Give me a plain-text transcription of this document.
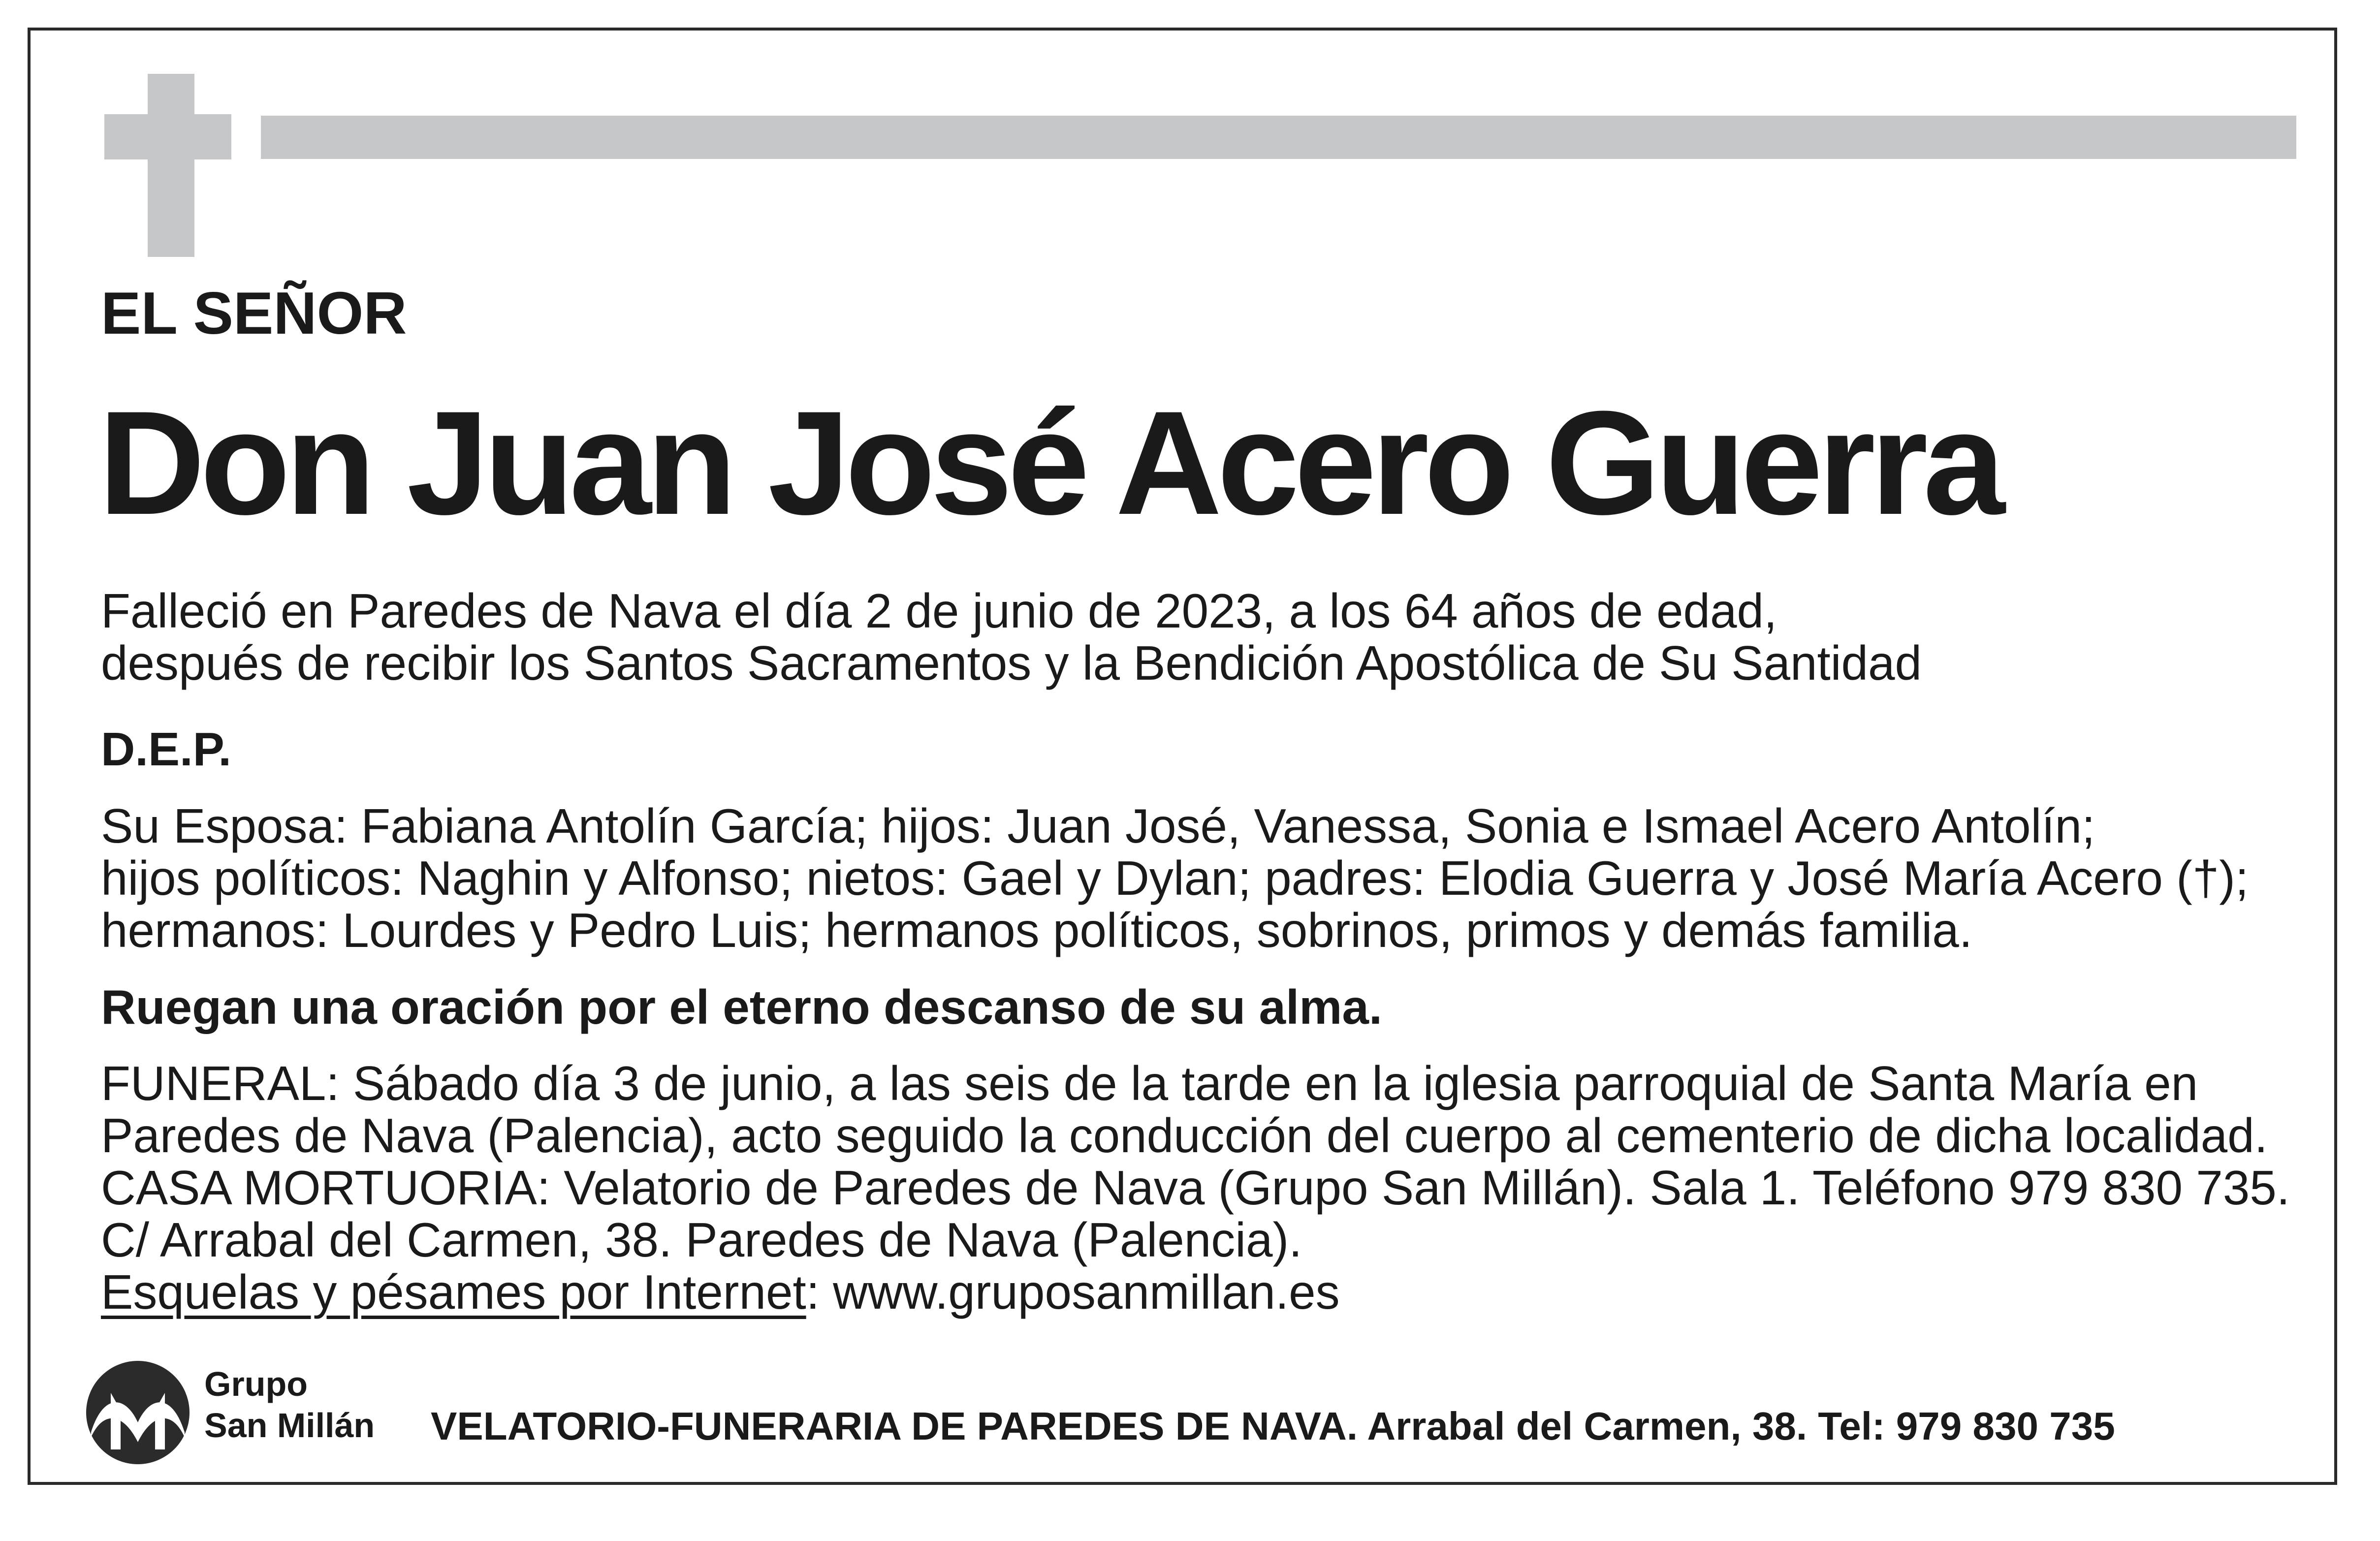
EL SEÑOR
Don Juan José Acero Guerra
Falleció en Paredes de Nava el día 2 de junio de 2023, a los 64 años de edad,
después de recibir los Santos Sacramentos y la Bendición Apostólica de Su Santidad
D.E.P.
Su Esposa: Fabiana Antolín García; hijos: Juan José, Vanessa, Sonia e Ismael Acero Antolín;
hijos políticos: Naghin y Alfonso; nietos: Gael y Dylan; padres: Elodia Guerra y José María Acero (†);
hermanos: Lourdes y Pedro Luis; hermanos políticos, sobrinos, primos y demás familia.
Ruegan una oración por el eterno descanso de su alma.
FUNERAL: Sábado día 3 de junio, a las seis de la tarde en la iglesia parroquial de Santa María en
Paredes de Nava (Palencia), acto seguido la conducción del cuerpo al cementerio de dicha localidad.
CASA MORTUORIA: Velatorio de Paredes de Nava (Grupo San Millán). Sala 1. Teléfono 979 830 735.
C/ Arrabal del Carmen, 38. Paredes de Nava (Palencia).
Esquelas y pésames por Internet: www.gruposanmillan.es
Grupo
San Millán VELATORIO-FUNERARIA DE PAREDES DE NAVA. Arrabal del Carmen, 38. Tel: 979 830 735
